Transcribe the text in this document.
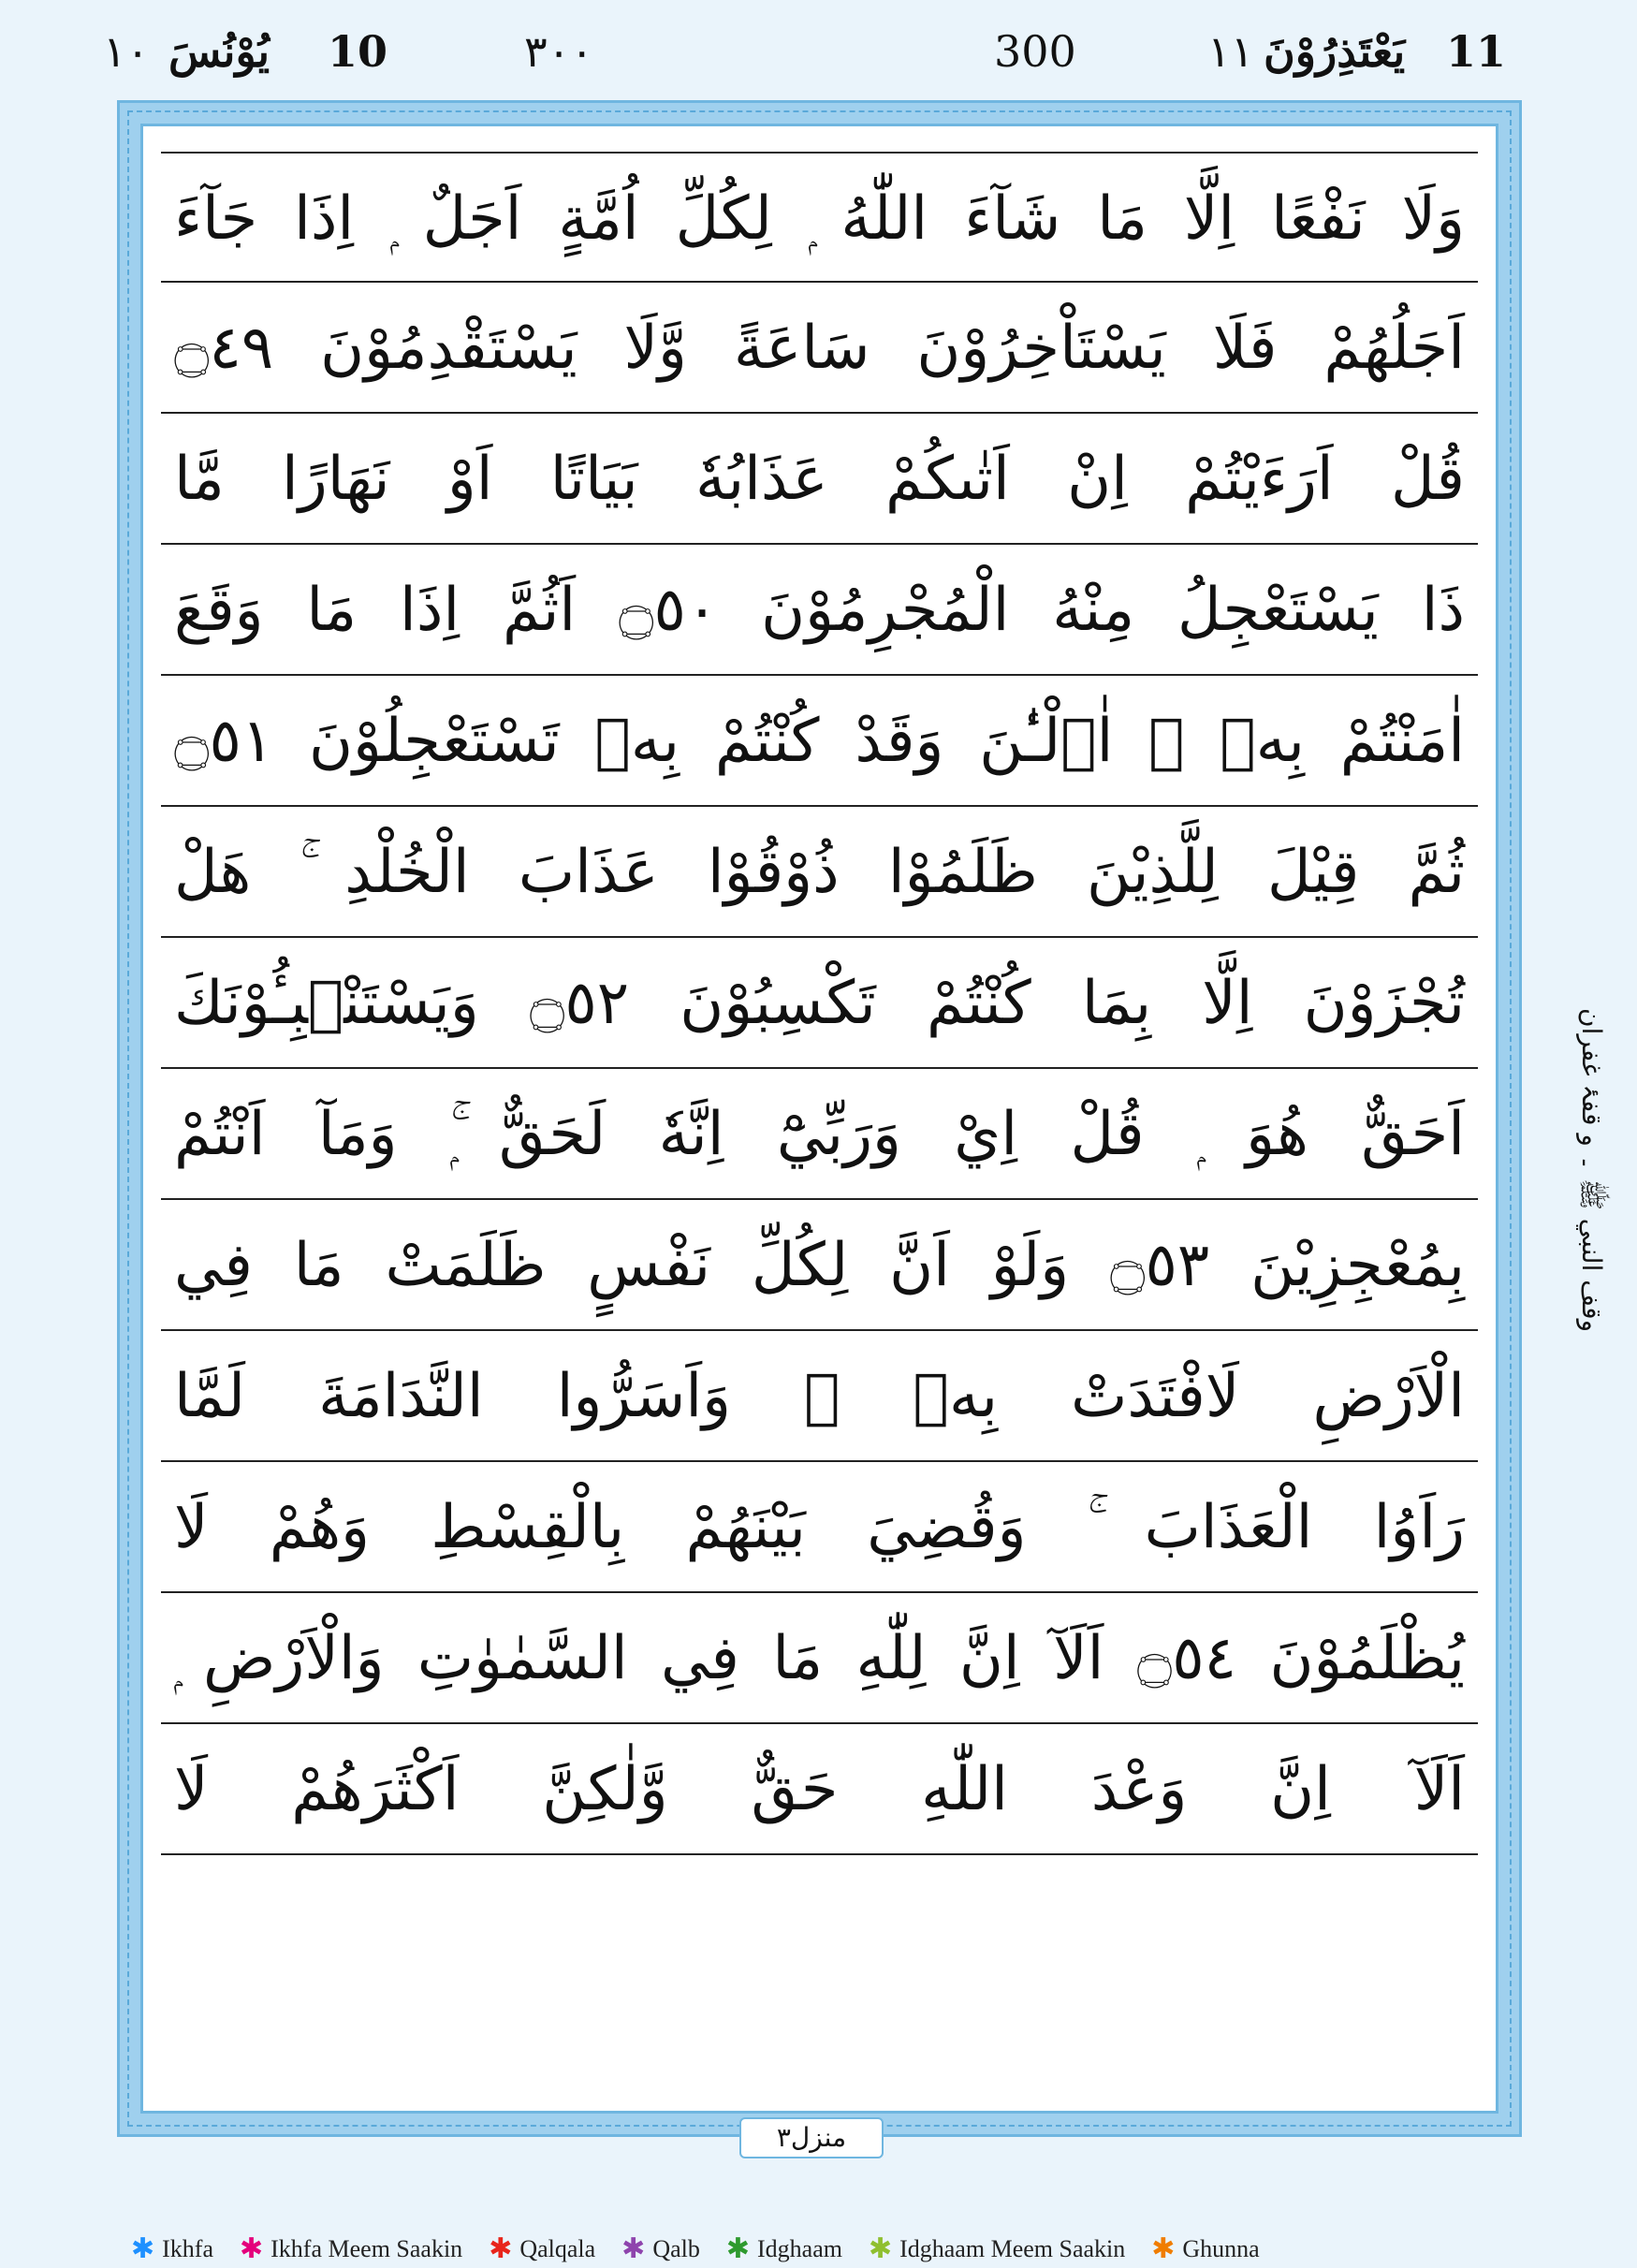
11
يَعْتَذِرُوْنَ
١١
300
٣٠٠
10
يُوْنُسَ
١٠
وَلَا نَفْعًا اِلَّا مَا شَآءَ اللّٰهُ ۭ لِكُلِّ اُمَّةٍ اَجَلٌ ۭ اِذَا جَآءَ
اَجَلُهُمْ فَلَا يَسْتَاْخِرُوْنَ سَاعَةً وَّلَا يَسْتَقْدِمُوْنَ ۝٤٩
قُلْ اَرَءَيْتُمْ اِنْ اَتٰىكُمْ عَذَابُهٗ بَيَاتًا اَوْ نَهَارًا مَّا
ذَا يَسْتَعْجِلُ مِنْهُ الْمُجْرِمُوْنَ ۝٥٠ اَثُمَّ اِذَا مَا وَقَعَ
اٰمَنْتُمْ بِهٖ ۭ اٰۗلْـٰٔنَ وَقَدْ كُنْتُمْ بِهٖ تَسْتَعْجِلُوْنَ ۝٥١
ثُمَّ قِيْلَ لِلَّذِيْنَ ظَلَمُوْا ذُوْقُوْا عَذَابَ الْخُلْدِ ۚ هَلْ
تُجْزَوْنَ اِلَّا بِمَا كُنْتُمْ تَكْسِبُوْنَ ۝٥٢ وَيَسْتَنْۢبِـُٔوْنَكَ
اَحَقٌّ هُوَ ۭ قُلْ اِيْ وَرَبِّيْٓ اِنَّهٗ لَحَقٌّ ۭۚ وَمَآ اَنْتُمْ
بِمُعْجِزِيْنَ ۝٥٣ وَلَوْ اَنَّ لِكُلِّ نَفْسٍ ظَلَمَتْ مَا فِي
الْاَرْضِ لَافْتَدَتْ بِهٖ ۭ وَاَسَرُّوا النَّدَامَةَ لَمَّا
رَاَوُا الْعَذَابَ ۚ وَقُضِيَ بَيْنَهُمْ بِالْقِسْطِ وَهُمْ لَا
يُظْلَمُوْنَ ۝٥٤ اَلَآ اِنَّ لِلّٰهِ مَا فِي السَّمٰوٰتِ وَالْاَرْضِ ۭ
اَلَآ اِنَّ وَعْدَ اللّٰهِ حَقٌّ وَّلٰكِنَّ اَكْثَرَهُمْ لَا
وقف النبي ﷺ ۔ و قفۂ غفران
منزل٣
✱ Ikhfa ✱ Ikhfa Meem Saakin ✱ Qalqala ✱ Qalb ✱ Idghaam ✱ Idghaam Meem Saakin ✱ Ghunna
